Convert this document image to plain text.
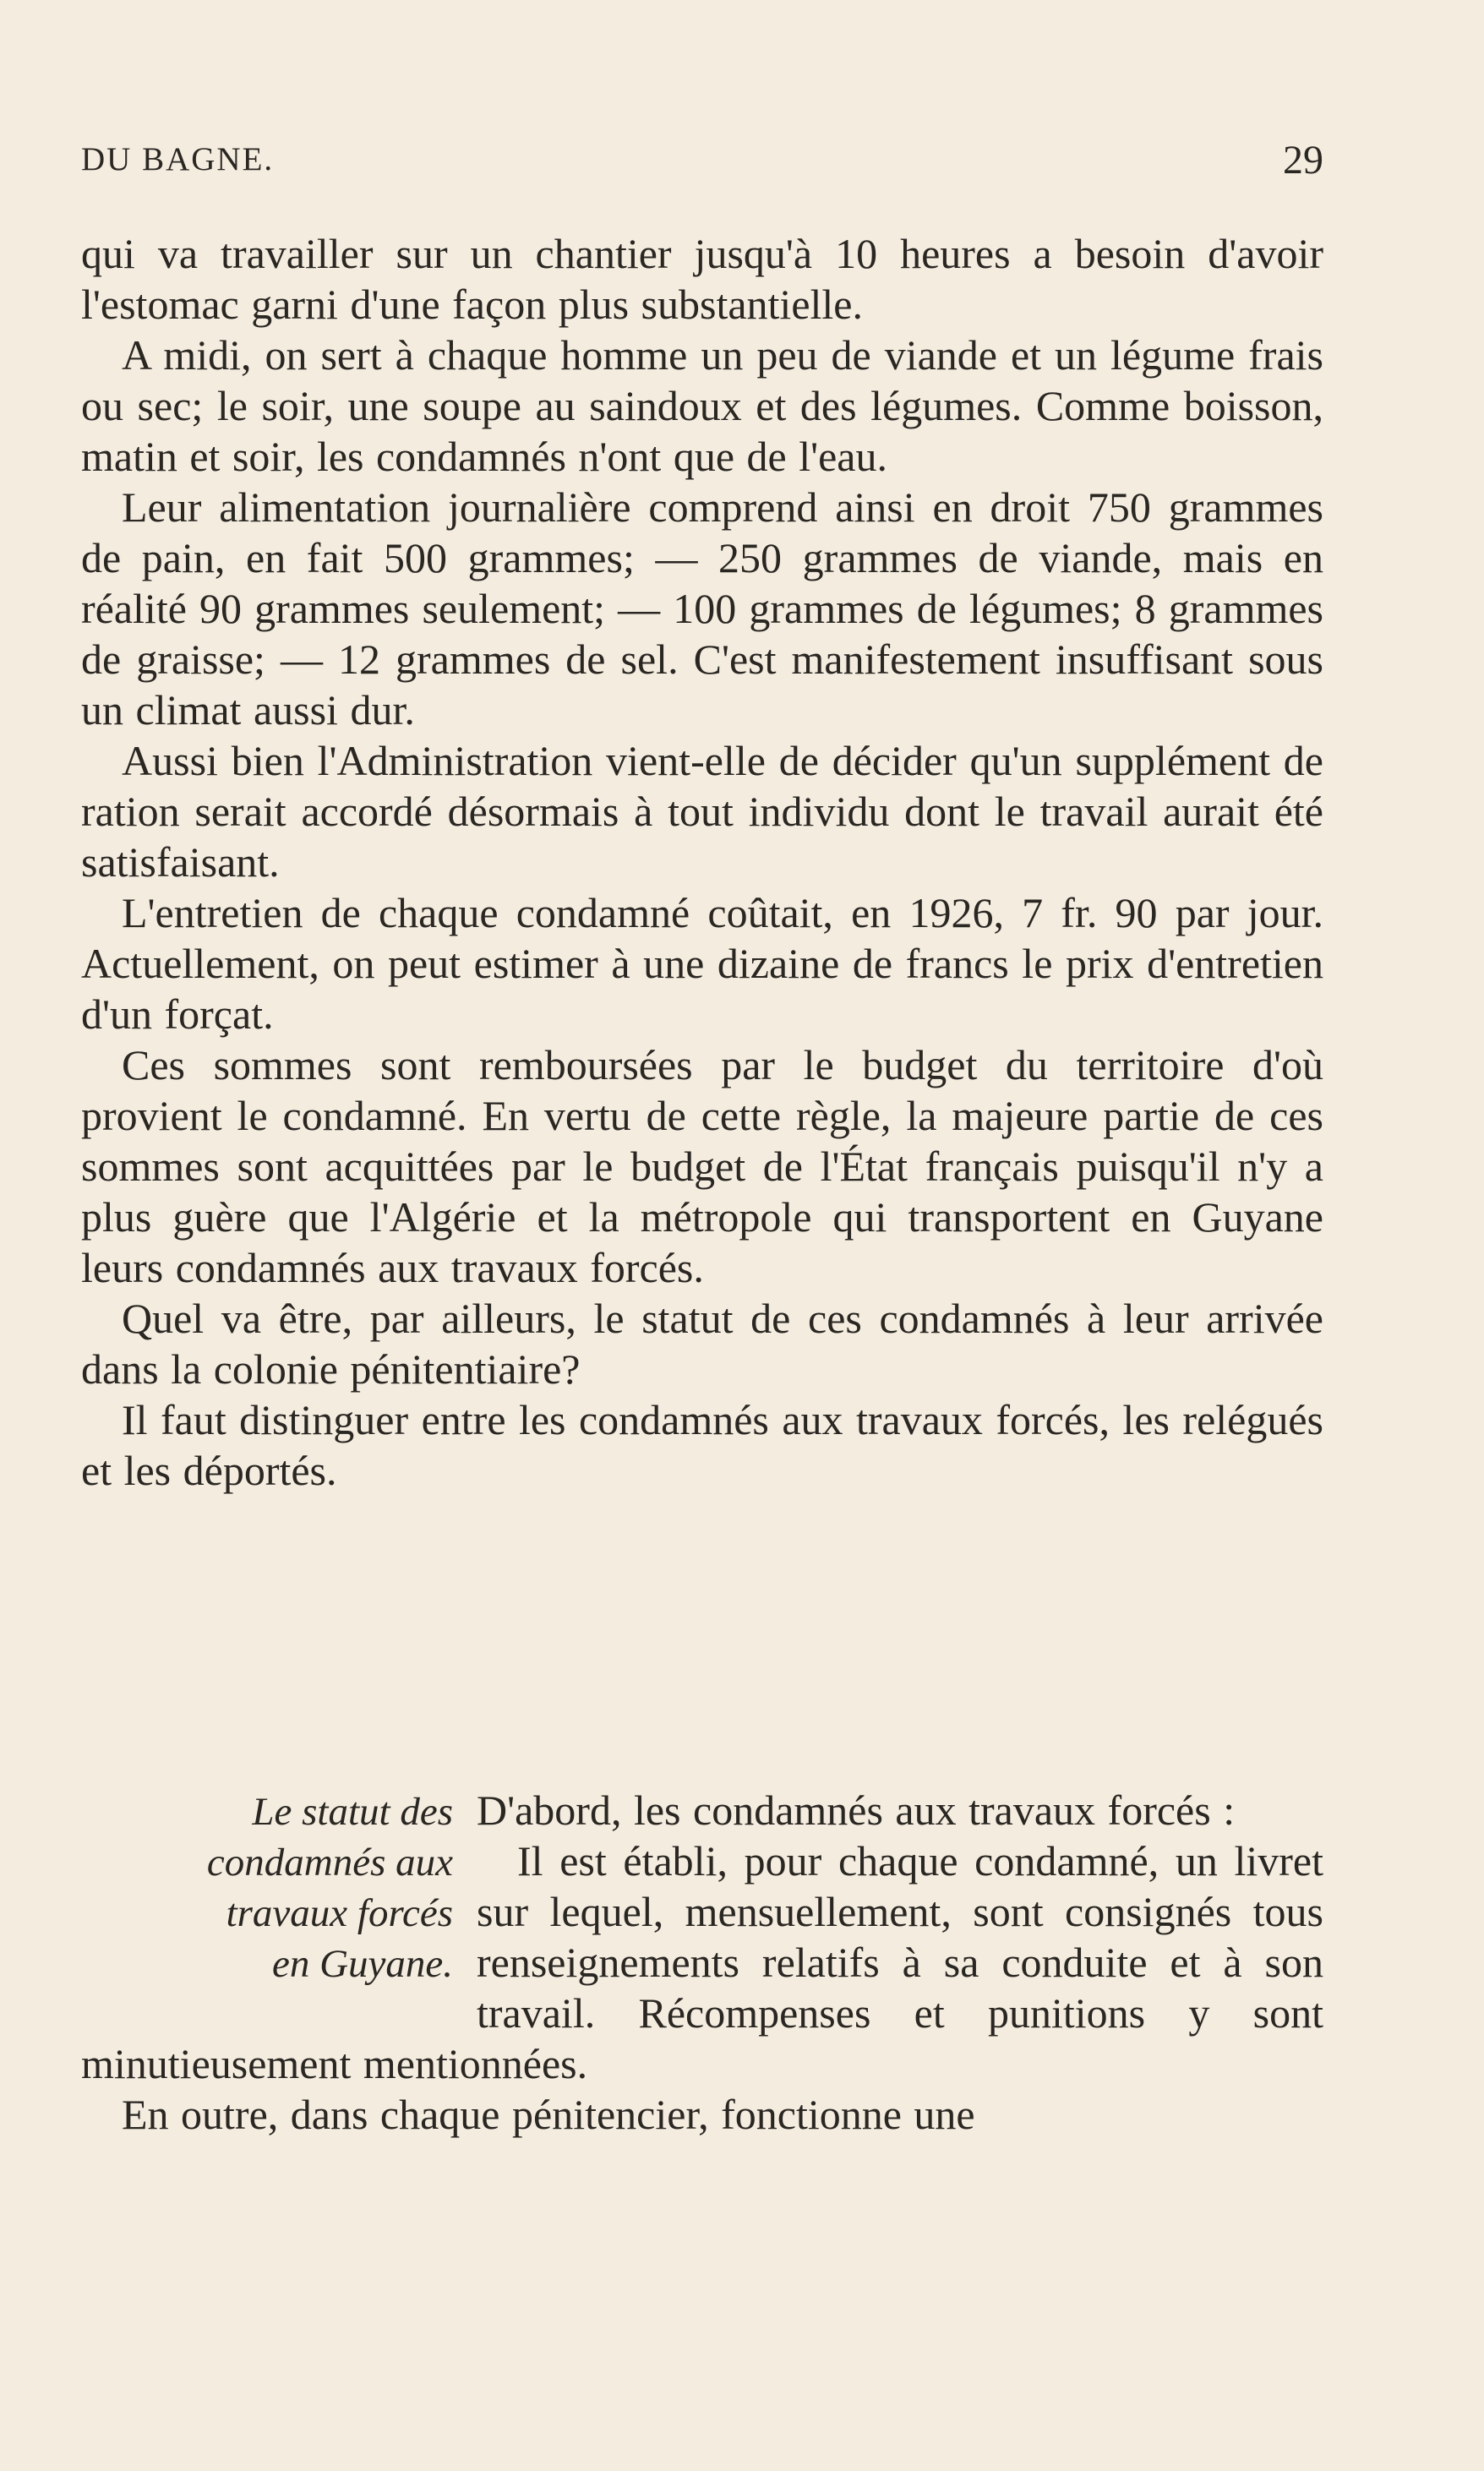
DU BAGNE.	29

qui va travailler sur un chantier jusqu'à 10 heures a besoin d'avoir l'estomac garni d'une façon plus substantielle.

A midi, on sert à chaque homme un peu de viande et un légume frais ou sec; le soir, une soupe au saindoux et des légumes. Comme boisson, matin et soir, les condamnés n'ont que de l'eau.

Leur alimentation journalière comprend ainsi en droit 750 grammes de pain, en fait 500 grammes; — 250 grammes de viande, mais en réalité 90 grammes seulement; — 100 grammes de légumes; 8 grammes de graisse; — 12 grammes de sel. C'est manifestement insuffisant sous un climat aussi dur.

Aussi bien l'Administration vient-elle de décider qu'un supplément de ration serait accordé désormais à tout individu dont le travail aurait été satisfaisant.

L'entretien de chaque condamné coûtait, en 1926, 7 fr. 90 par jour. Actuellement, on peut estimer à une dizaine de francs le prix d'entretien d'un forçat.

Ces sommes sont remboursées par le budget du territoire d'où provient le condamné. En vertu de cette règle, la majeure partie de ces sommes sont acquittées par le budget de l'État français puisqu'il n'y a plus guère que l'Algérie et la métropole qui transportent en Guyane leurs condamnés aux travaux forcés.

Quel va être, par ailleurs, le statut de ces condamnés à leur arrivée dans la colonie pénitentiaire?

Il faut distinguer entre les condamnés aux travaux forcés, les relégués et les déportés.

Le statut des
condamnés aux
travaux forcés
en Guyane.

D'abord, les condamnés aux travaux forcés :

Il est établi, pour chaque condamné, un livret sur lequel, mensuellement, sont consignés tous renseignements relatifs à sa conduite et à son travail. Récompenses et punitions y sont minutieusement mentionnées.

En outre, dans chaque pénitencier, fonctionne une
